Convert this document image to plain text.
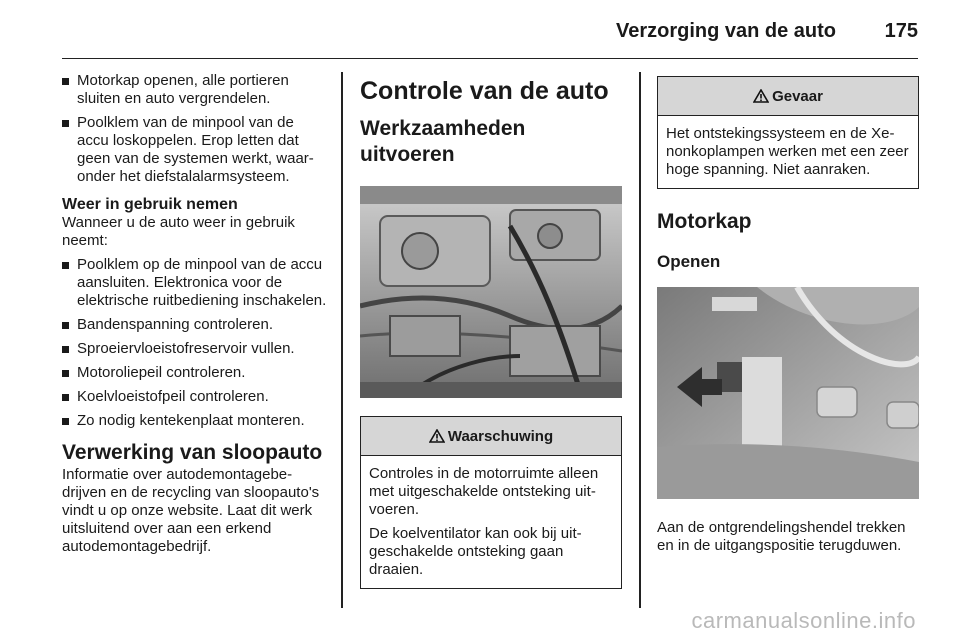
Verzorging van de auto 175
Motorkap openen, alle portieren sluiten en auto vergrendelen.
Poolklem van de minpool van de accu loskoppelen. Erop letten dat geen van de systemen werkt, waaronder het diefstalalarmsysteem.
Weer in gebruik nemen

Wanneer u de auto weer in gebruik neemt:

Poolklem op de minpool van de accu aansluiten. Elektronica voor de elektrische ruitbediening inschakelen.
Bandenspanning controleren.
Sproeiervloeistofreservoir vullen.
Motoroliepeil controleren.
Koelvloeistofpeil controleren.
Zo nodig kentekenplaat monteren.
Verwerking van sloopauto

Informatie over autodemontagebedrijven en de recycling van sloopauto's vindt u op onze website. Laat dit werk uitsluitend over aan een erkend autodemontagebedrijf.

Controle van de auto
Werkzaamheden uitvoeren
Waarschuwing

Controles in de motorruimte alleen met uitgeschakelde ontsteking uitvoeren.

De koelventilator kan ook bij uitgeschakelde ontsteking gaan draaien.

Gevaar

Het ontstekingssysteem en de Xenonkoplampen werken met een zeer hoge spanning. Niet aanraken.

Motorkap
Openen

Aan de ontgrendelingshendel trekken en in de uitgangspositie terugduwen.

carmanualsonline.info
